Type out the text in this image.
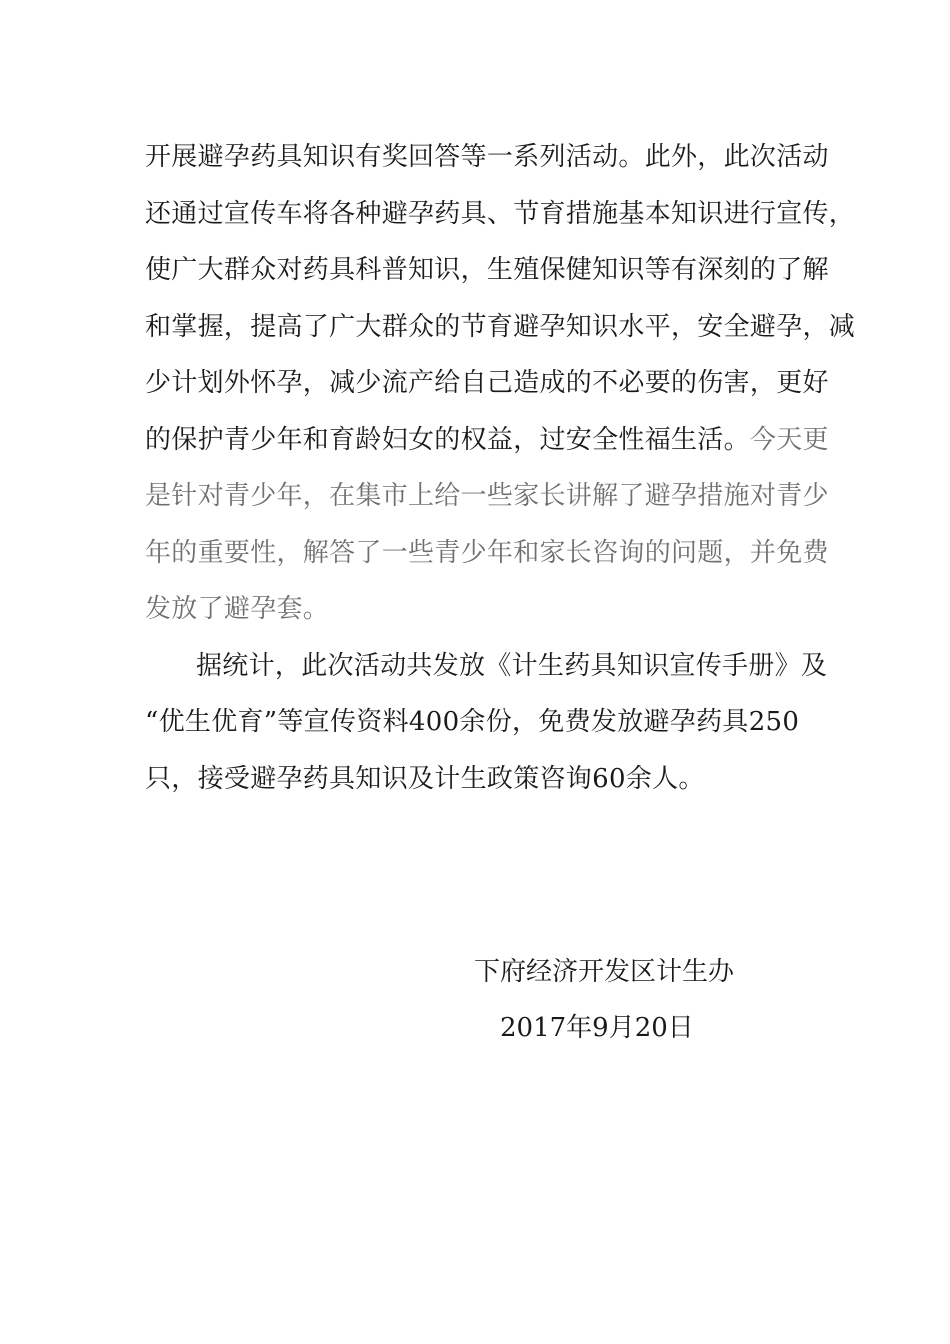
开展避孕药具知识有奖回答等一系列活动。此外，此次活动
还通过宣传车将各种避孕药具、节育措施基本知识进行宣传，
使广大群众对药具科普知识，生殖保健知识等有深刻的了解
和掌握，提高了广大群众的节育避孕知识水平，安全避孕，减
少计划外怀孕，减少流产给自己造成的不必要的伤害，更好
的保护青少年和育龄妇女的权益，过安全性福生活。今天更
是针对青少年，在集市上给一些家长讲解了避孕措施对青少
年的重要性，解答了一些青少年和家长咨询的问题，并免费
发放了避孕套。
据统计，此次活动共发放《计生药具知识宣传手册》及
“优生优育”等宣传资料400余份，免费发放避孕药具250
只，接受避孕药具知识及计生政策咨询60余人。
下府经济开发区计生办
2017年9月20日
